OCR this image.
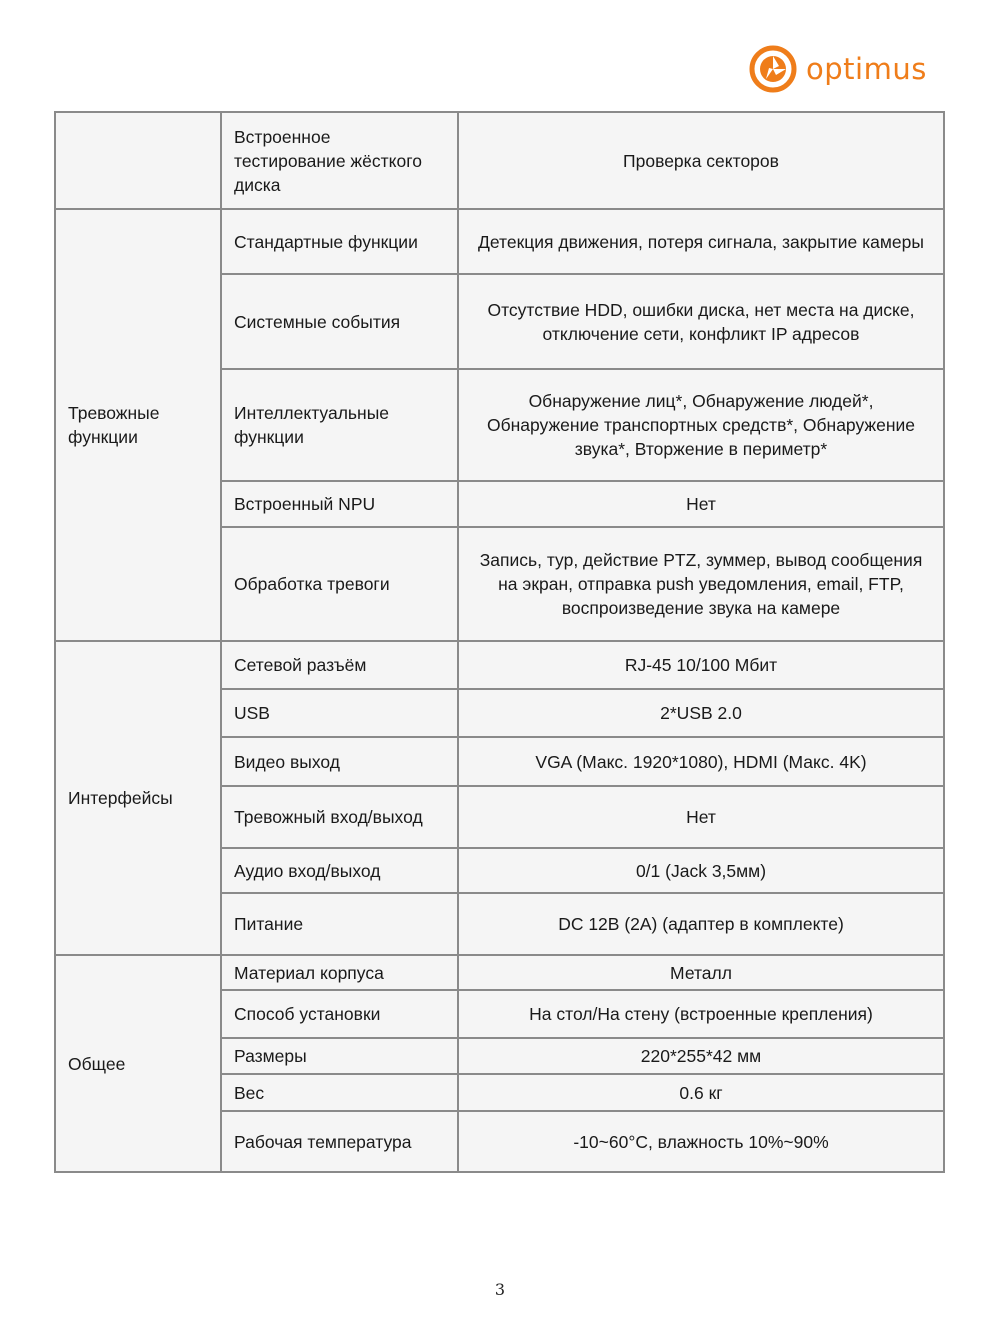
optimus
	Встроенное тестирование жёсткого диска	Проверка секторов
Тревожные функции	Стандартные функции	Детекция движения, потеря сигнала, закрытие камеры
	Системные события	Отсутствие HDD, ошибки диска, нет места на диске, отключение сети, конфликт IP адресов
	Интеллектуальные функции	Обнаружение лиц*, Обнаружение людей*, Обнаружение транспортных средств*, Обнаружение звука*, Вторжение в периметр*
	Встроенный NPU	Нет
	Обработка тревоги	Запись, тур, действие PTZ, зуммер, вывод сообщения на экран, отправка push уведомления, email, FTP, воспроизведение звука на камере
Интерфейсы	Сетевой разъём	RJ-45 10/100 Мбит
	USB	2*USB 2.0
	Видео выход	VGA (Макс. 1920*1080), HDMI (Макс. 4K)
	Тревожный вход/выход	Нет
	Аудио вход/выход	0/1 (Jack 3,5мм)
	Питание	DC 12В (2А) (адаптер в комплекте)
Общее	Материал корпуса	Металл
	Способ установки	На стол/На стену (встроенные крепления)
	Размеры	220*255*42 мм
	Вес	0.6 кг
	Рабочая температура	-10~60°C, влажность 10%~90%
3
